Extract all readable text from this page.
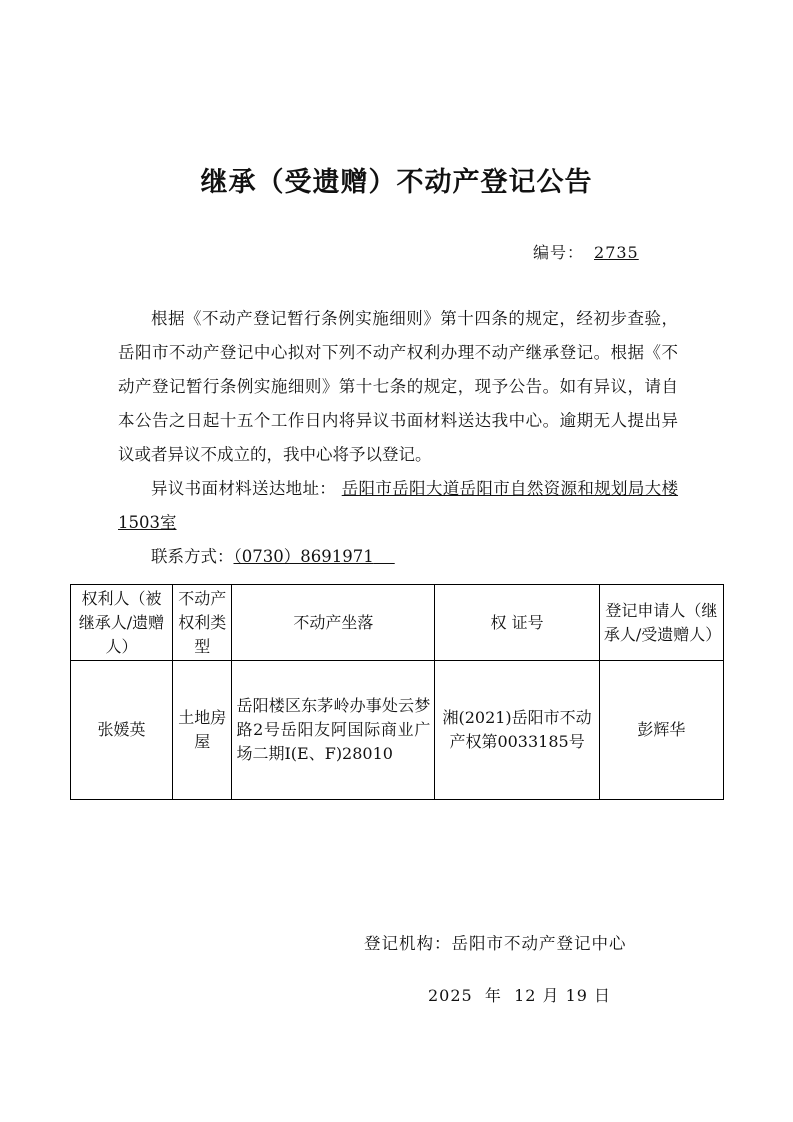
继承（受遗赠）不动产登记公告
编号： 2735

根据《不动产登记暂行条例实施细则》第十四条的规定，经初步查验，岳阳市不动产登记中心拟对下列不动产权利办理不动产继承登记。根据《不动产登记暂行条例实施细则》第十七条的规定，现予公告。如有异议，请自本公告之日起十五个工作日内将异议书面材料送达我中心。逾期无人提出异议或者异议不成立的，我中心将予以登记。

异议书面材料送达地址： 岳阳市岳阳大道岳阳市自然资源和规划局大楼1503室

联系方式：（0730）8691971

权利人（被继承人/遗赠人）	不动产权利类型	不动产坐落	权 证号	登记申请人（继承人/受遗赠人）
张媛英	土地房屋	岳阳楼区东茅岭办事处云梦路2号岳阳友阿国际商业广场二期Ⅰ(E、F)28010	湘(2021)岳阳市不动产权第0033185号	彭辉华
登记机构：岳阳市不动产登记中心
2025  年  12 月 19 日
